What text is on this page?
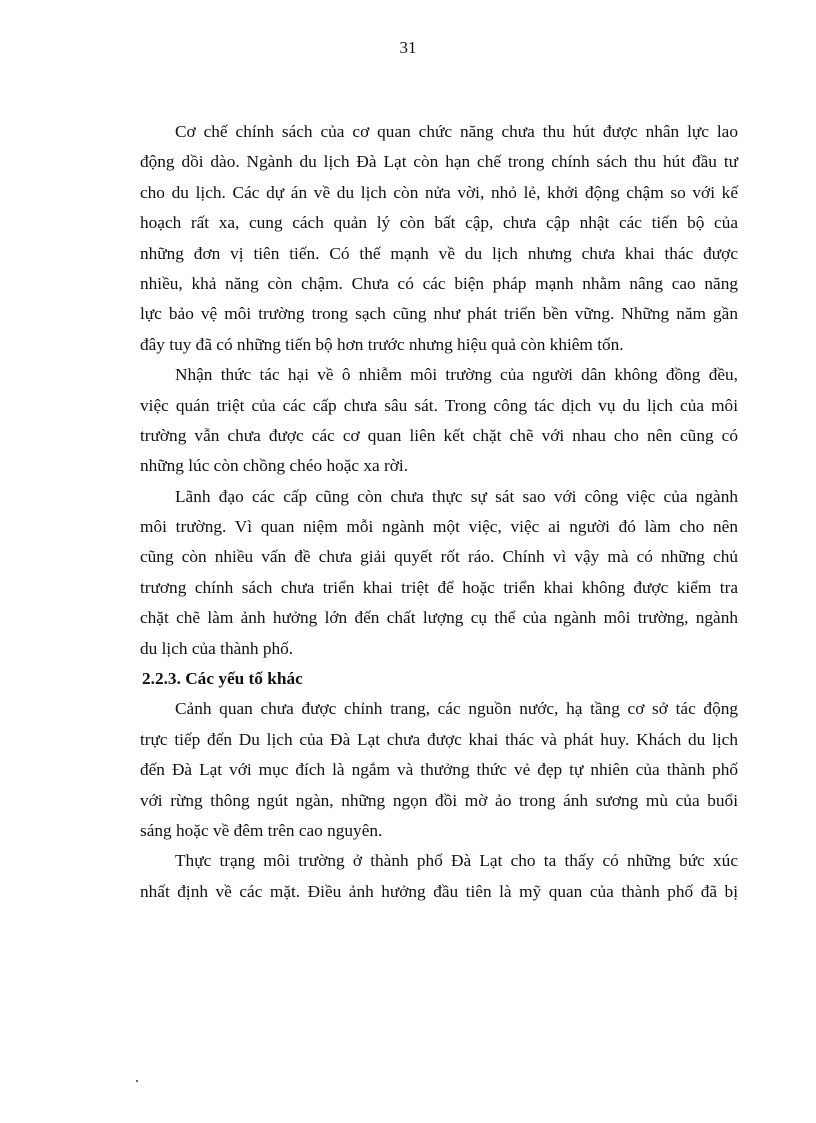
31
Cơ chế chính sách của cơ quan chức năng chưa thu hút được nhân lực lao
động dồi dào. Ngành du lịch Đà Lạt còn hạn chế trong chính sách thu hút đầu tư
cho du lịch. Các dự án về du lịch còn nửa vời, nhỏ lẻ, khởi động chậm so với kế
hoạch rất xa, cung cách quản lý còn bất cập, chưa cập nhật các tiến bộ của
những đơn vị tiên tiến. Có thế mạnh về du lịch nhưng chưa khai thác được
nhiều, khả năng còn chậm. Chưa có các biện pháp mạnh nhằm nâng cao năng
lực bảo vệ môi trường trong sạch cũng như phát triển bền vững. Những năm gần
đây tuy đã có những tiến bộ hơn trước nhưng hiệu quả còn khiêm tốn.
Nhận thức tác hại về ô nhiễm môi trường của người dân không đồng đều,
việc quán triệt của các cấp chưa sâu sát. Trong công tác dịch vụ du lịch của môi
trường vẫn chưa được các cơ quan liên kết chặt chẽ với nhau cho nên cũng có
những lúc còn chồng chéo hoặc xa rời.
Lãnh đạo các cấp cũng còn chưa thực sự sát sao với công việc của ngành
môi trường. Vì quan niệm mỗi ngành một việc, việc ai người đó làm cho nên
cũng còn nhiều vấn đề chưa giải quyết rốt ráo. Chính vì vậy mà có những chủ
trương chính sách chưa triển khai triệt để hoặc triển khai không được kiểm tra
chặt chẽ làm ảnh hưởng lớn đến chất lượng cụ thể của ngành môi trường, ngành
du lịch của thành phố.
2.2.3. Các yếu tố khác
Cảnh quan chưa được chỉnh trang, các nguồn nước, hạ tầng cơ sở tác động
trực tiếp đến Du lịch của Đà Lạt chưa được khai thác và phát huy. Khách du lịch
đến Đà Lạt với mục đích là ngắm và thưởng thức vẻ đẹp tự nhiên của thành phố
với rừng thông ngút ngàn, những ngọn đồi mờ ảo trong ánh sương mù của buổi
sáng hoặc về đêm trên cao nguyên.
Thực trạng môi trường ở thành phố Đà Lạt cho ta thấy có những bức xúc
nhất định về các mặt. Điều ảnh hưởng đầu tiên là mỹ quan của thành phố đã bị
